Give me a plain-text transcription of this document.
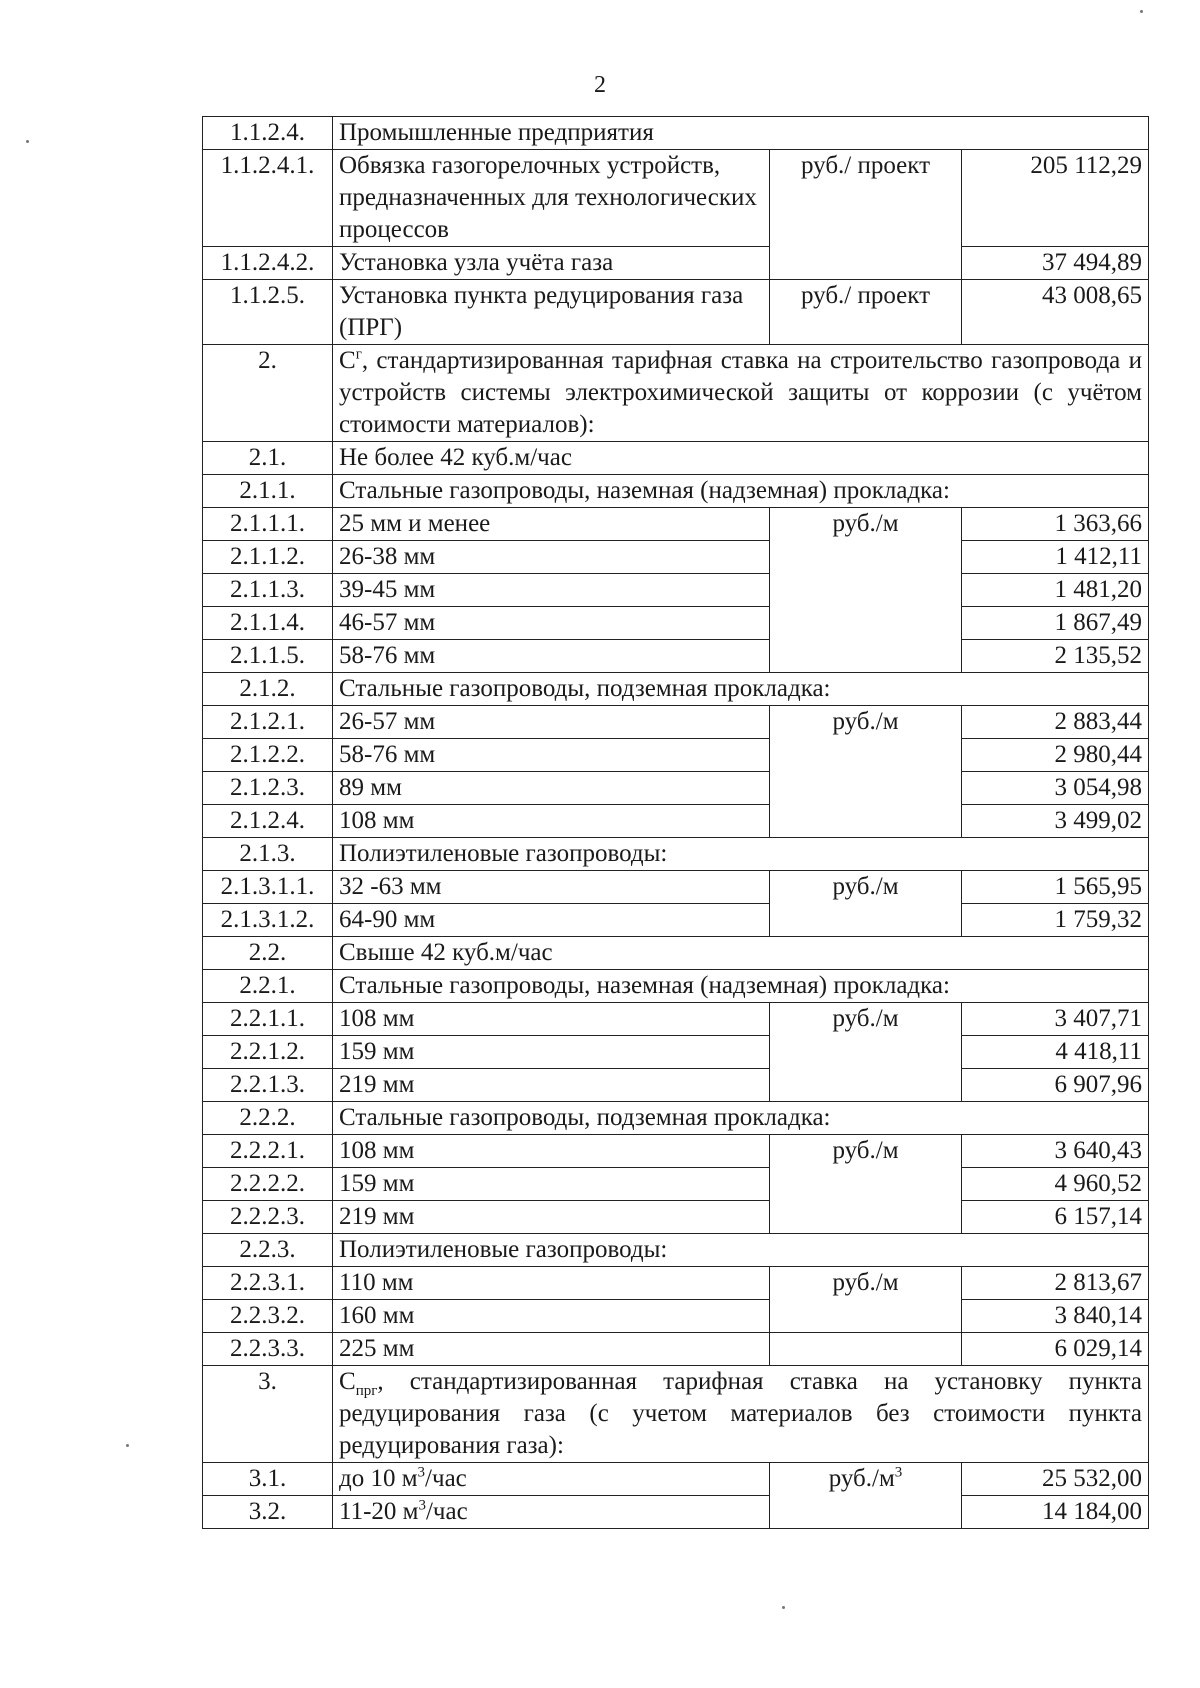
2
1.1.2.4.	Промышленные предприятия		
1.1.2.4.1.	Обвязка газогорелочных устройств, предназначенных для технологических процессов	руб./ проект	205 112,29
1.1.2.4.2.	Установка узла учёта газа		37 494,89
1.1.2.5.	Установка пункта редуцирования газа (ПРГ)	руб./ проект	43 008,65
2.	$С^г$, стандартизированная тарифная ставка на строительство газопровода и устройств системы электрохимической защиты от коррозии (с учётом стоимости материалов):		
2.1.	Не более 42 куб.м/час		
2.1.1.	Стальные газопроводы, наземная (надземная) прокладка:		
2.1.1.1.	25 мм и менее	руб./м	1 363,66
2.1.1.2.	26-38 мм		1 412,11
2.1.1.3.	39-45 мм		1 481,20
2.1.1.4.	46-57 мм		1 867,49
2.1.1.5.	58-76 мм		2 135,52
2.1.2.	Стальные газопроводы, подземная прокладка:		
2.1.2.1.	26-57 мм	руб./м	2 883,44
2.1.2.2.	58-76 мм		2 980,44
2.1.2.3.	89 мм		3 054,98
2.1.2.4.	108 мм		3 499,02
2.1.3.	Полиэтиленовые газопроводы:		
2.1.3.1.1.	32 -63 мм	руб./м	1 565,95
2.1.3.1.2.	64-90 мм		1 759,32
2.2.	Свыше 42 куб.м/час		
2.2.1.	Стальные газопроводы, наземная (надземная) прокладка:		
2.2.1.1.	108 мм	руб./м	3 407,71
2.2.1.2.	159 мм		4 418,11
2.2.1.3.	219 мм		6 907,96
2.2.2.	Стальные газопроводы, подземная прокладка:		
2.2.2.1.	108 мм	руб./м	3 640,43
2.2.2.2.	159 мм		4 960,52
2.2.2.3.	219 мм		6 157,14
2.2.3.	Полиэтиленовые газопроводы:		
2.2.3.1.	110 мм	руб./м	2 813,67
2.2.3.2.	160 мм		3 840,14
2.2.3.3.	225 мм		6 029,14
3.	$С_{прг}$, стандартизированная тарифная ставка на установку пункта редуцирования газа (с учетом материалов без стоимости пункта редуцирования газа):		
3.1.	до 10 $м^3$/час	$руб./м^3$	25 532,00
3.2.	11-20 $м^3$/час		14 184,00
